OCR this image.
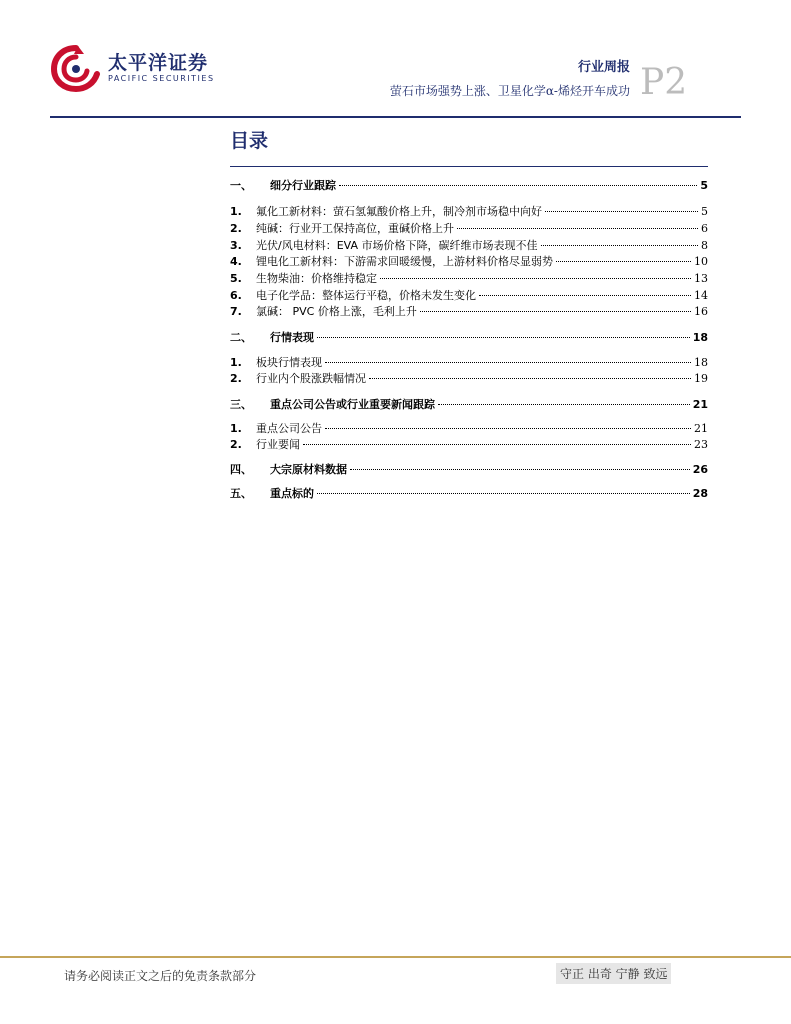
太平洋证券
PACIFIC SECURITIES
行业周报
萤石市场强势上涨、卫星化学α-烯烃开车成功 P2
目录
一、	细分行业跟踪	5
1.	氟化工新材料：萤石氢氟酸价格上升，制冷剂市场稳中向好	5
2.	纯碱：行业开工保持高位，重碱价格上升	6
3.	光伏/风电材料：EVA 市场价格下降，碳纤维市场表现不佳	8
4.	锂电化工新材料：下游需求回暖缓慢，上游材料价格尽显弱势	10
5.	生物柴油：价格维持稳定	13
6.	电子化学品：整体运行平稳，价格未发生变化	14
7.	氯碱： PVC 价格上涨，毛利上升	16
二、	行情表现	18
1.	板块行情表现	18
2.	行业内个股涨跌幅情况	19
三、	重点公司公告或行业重要新闻跟踪	21
1.	重点公司公告	21
2.	行业要闻	23
四、	大宗原材料数据	26
五、	重点标的	28
请务必阅读正文之后的免责条款部分	守正 出奇 宁静 致远
